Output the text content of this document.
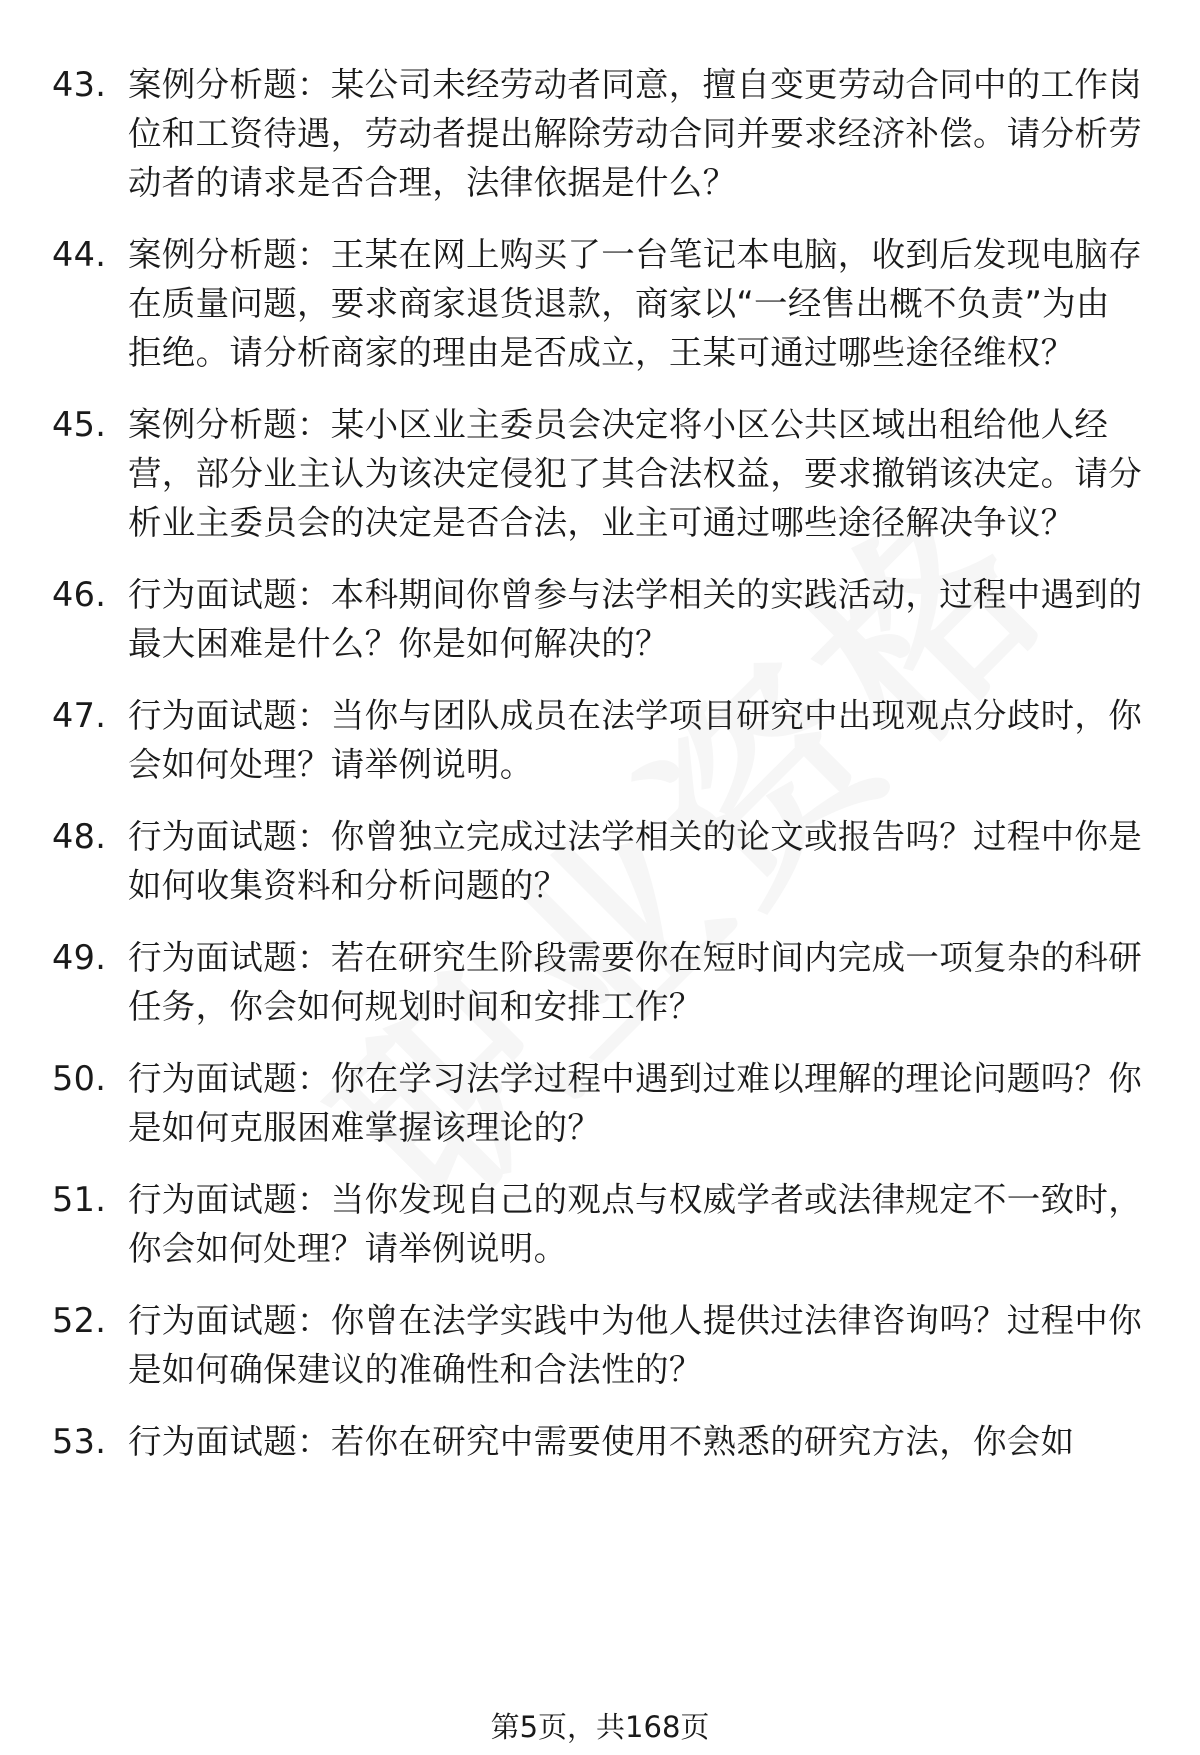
43. 案例分析题：某公司未经劳动者同意，擅自变更劳动合同中的工作岗位和工资待遇，劳动者提出解除劳动合同并要求经济补偿。请分析劳动者的请求是否合理，法律依据是什么？
44. 案例分析题：王某在网上购买了一台笔记本电脑，收到后发现电脑存在质量问题，要求商家退货退款，商家以“一经售出概不负责”为由拒绝。请分析商家的理由是否成立，王某可通过哪些途径维权？
45. 案例分析题：某小区业主委员会决定将小区公共区域出租给他人经营，部分业主认为该决定侵犯了其合法权益，要求撤销该决定。请分析业主委员会的决定是否合法，业主可通过哪些途径解决争议？
46. 行为面试题：本科期间你曾参与法学相关的实践活动，过程中遇到的最大困难是什么？你是如何解决的？
47. 行为面试题：当你与团队成员在法学项目研究中出现观点分歧时，你会如何处理？请举例说明。
48. 行为面试题：你曾独立完成过法学相关的论文或报告吗？过程中你是如何收集资料和分析问题的？
49. 行为面试题：若在研究生阶段需要你在短时间内完成一项复杂的科研任务，你会如何规划时间和安排工作？
50. 行为面试题：你在学习法学过程中遇到过难以理解的理论问题吗？你是如何克服困难掌握该理论的？
51. 行为面试题：当你发现自己的观点与权威学者或法律规定不一致时，你会如何处理？请举例说明。
52. 行为面试题：你曾在法学实践中为他人提供过法律咨询吗？过程中你是如何确保建议的准确性和合法性的？
53. 行为面试题：若你在研究中需要使用不熟悉的研究方法，你会如
第5页，共168页
